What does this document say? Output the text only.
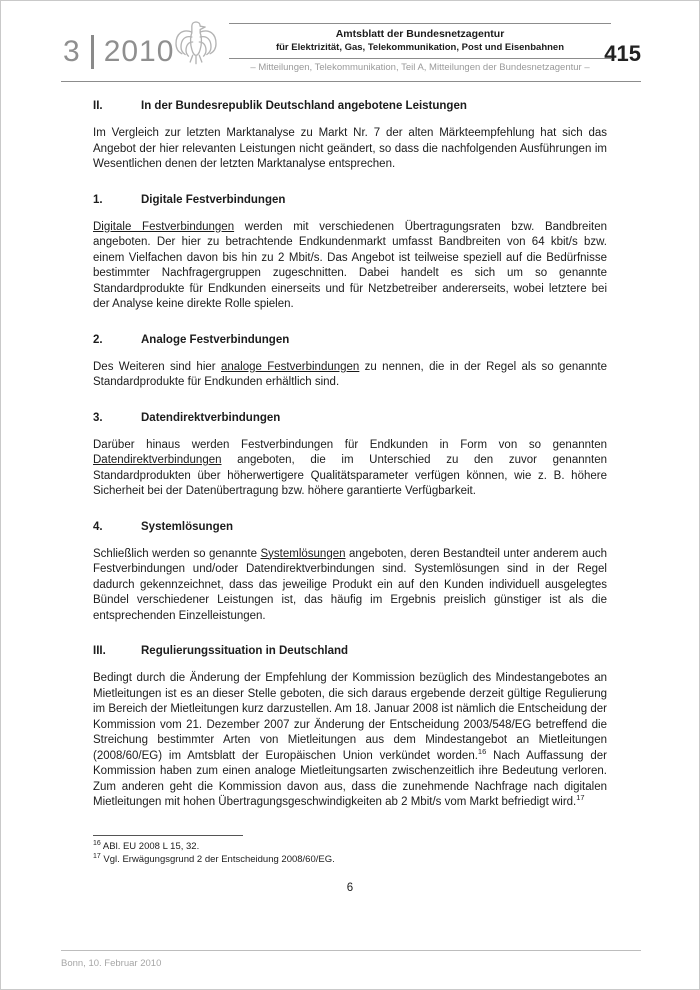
3 2010
Amtsblatt der Bundesnetzagentur
für Elektrizität, Gas, Telekommunikation, Post und Eisenbahnen
– Mitteilungen, Telekommunikation, Teil A, Mitteilungen der Bundesnetzagentur –
415
II.	In der Bundesrepublik Deutschland angebotene Leistungen

Im Vergleich zur letzten Marktanalyse zu Markt Nr. 7 der alten Märkteempfehlung hat sich das Angebot der hier relevanten Leistungen nicht geändert, so dass die nachfolgenden Ausführungen im Wesentlichen denen der letzten Marktanalyse entsprechen.

1.	Digitale Festverbindungen

Digitale Festverbindungen werden mit verschiedenen Übertragungsraten bzw. Bandbreiten angeboten. Der hier zu betrachtende Endkundenmarkt umfasst Bandbreiten von 64 kbit/s bzw. einem Vielfachen davon bis hin zu 2 Mbit/s. Das Angebot ist teilweise speziell auf die Bedürfnisse bestimmter Nachfragergruppen zugeschnitten. Dabei handelt es sich um so genannte Standardprodukte für Endkunden einerseits und für Netzbetreiber andererseits, wobei letztere bei der Analyse keine direkte Rolle spielen.

2.	Analoge Festverbindungen

Des Weiteren sind hier analoge Festverbindungen zu nennen, die in der Regel als so genannte Standardprodukte für Endkunden erhältlich sind.

3.	Datendirektverbindungen

Darüber hinaus werden Festverbindungen für Endkunden in Form von so genannten Datendirektverbindungen angeboten, die im Unterschied zu den zuvor genannten Standardprodukten über höherwertigere Qualitätsparameter verfügen können, wie z. B. höhere Sicherheit bei der Datenübertragung bzw. höhere garantierte Verfügbarkeit.

4.	Systemlösungen

Schließlich werden so genannte Systemlösungen angeboten, deren Bestandteil unter anderem auch Festverbindungen und/oder Datendirektverbindungen sind. Systemlösungen sind in der Regel dadurch gekennzeichnet, dass das jeweilige Produkt ein auf den Kunden individuell ausgelegtes Bündel verschiedener Leistungen ist, das häufig im Ergebnis preislich günstiger ist als die entsprechenden Einzelleistungen.

III.	Regulierungssituation in Deutschland

Bedingt durch die Änderung der Empfehlung der Kommission bezüglich des Mindestangebotes an Mietleitungen ist es an dieser Stelle geboten, die sich daraus ergebende derzeit gültige Regulierung im Bereich der Mietleitungen kurz darzustellen. Am 18. Januar 2008 ist nämlich die Entscheidung der Kommission vom 21. Dezember 2007 zur Änderung der Entscheidung 2003/548/EG betreffend die Streichung bestimmter Arten von Mietleitungen aus dem Mindestangebot an Mietleitungen (2008/60/EG) im Amtsblatt der Europäischen Union verkündet worden.$^{16}$ Nach Auffassung der Kommission haben zum einen analoge Mietleitungsarten zwischenzeitlich ihre Bedeutung verloren. Zum anderen geht die Kommission davon aus, dass die zunehmende Nachfrage nach digitalen Mietleitungen mit hohen Übertragungsgeschwindigkeiten ab 2 Mbit/s vom Markt befriedigt wird.$^{17}$

$^{16}$ ABl. EU 2008 L 15, 32.
$^{17}$ Vgl. Erwägungsgrund 2 der Entscheidung 2008/60/EG.
6
Bonn, 10. Februar 2010
